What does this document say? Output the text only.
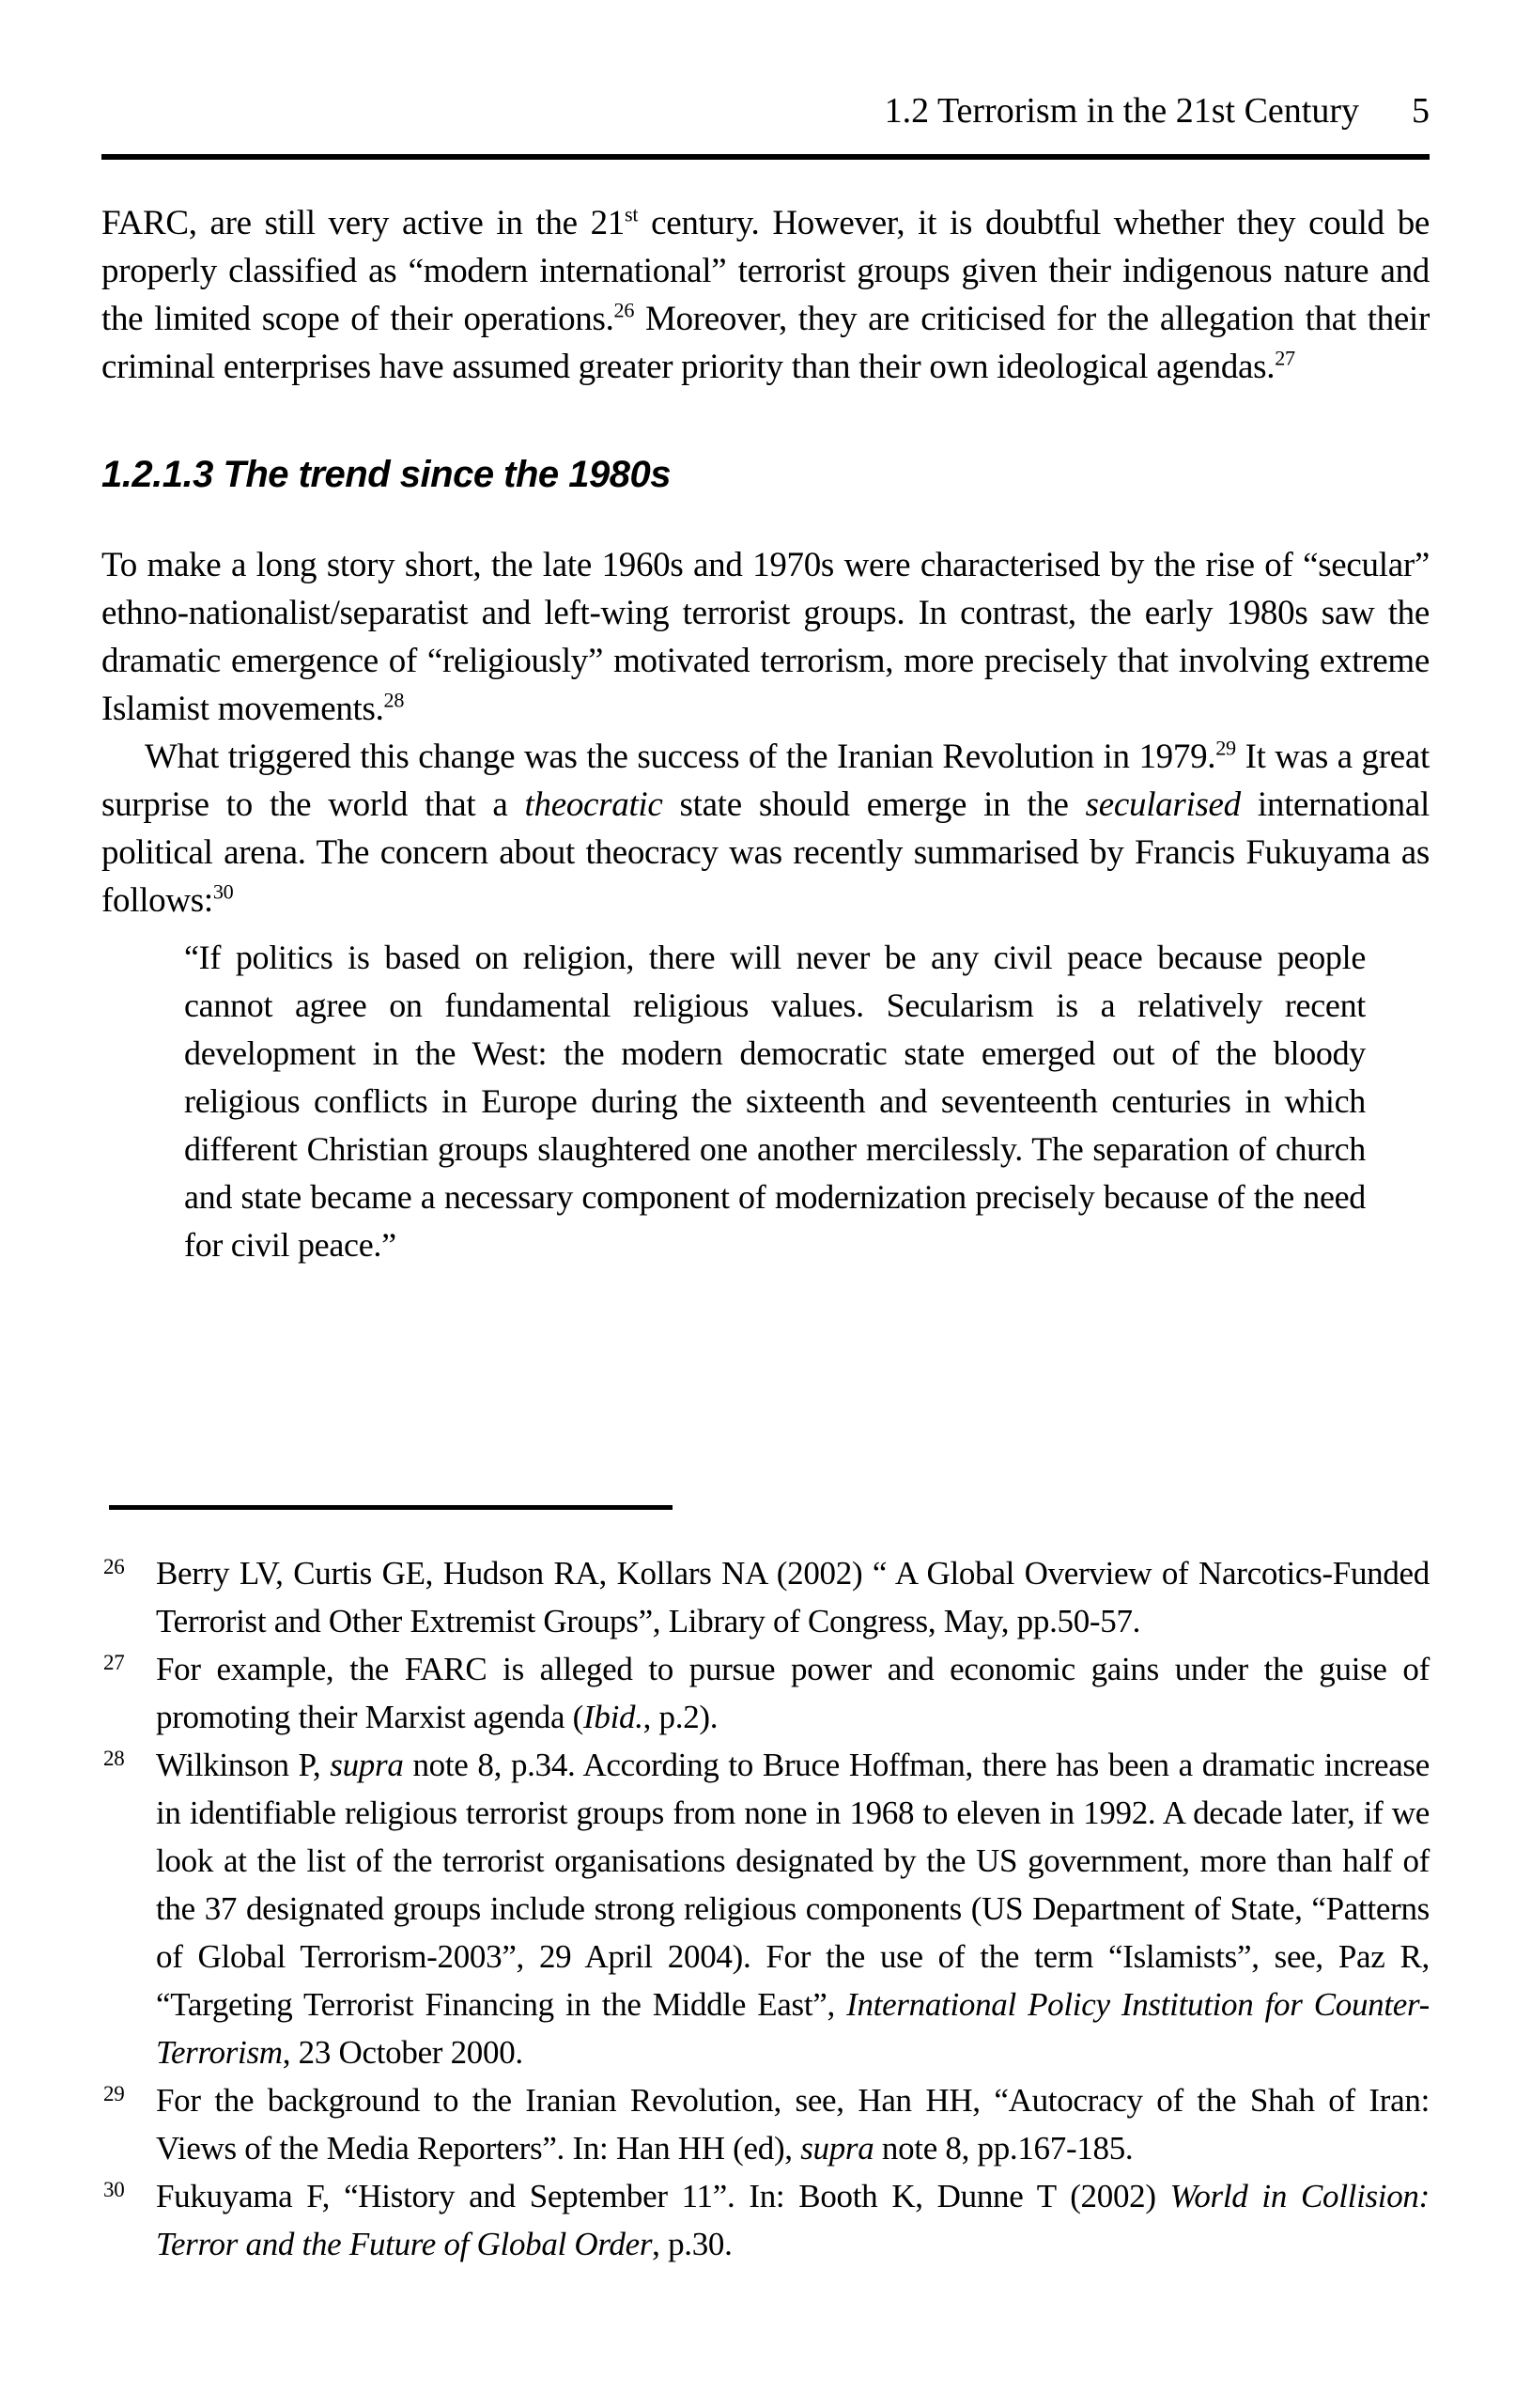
1.2 Terrorism in the 21st Century 5

FARC, are still very active in the 21st century. However, it is doubtful whether they could be properly classified as “modern international” terrorist groups given their indigenous nature and the limited scope of their operations.$^{26}$ Moreover, they are criticised for the allegation that their criminal enterprises have assumed greater priority than their own ideological agendas.$^{27}$

1.2.1.3 The trend since the 1980s

To make a long story short, the late 1960s and 1970s were characterised by the rise of “secular” ethno-nationalist/separatist and left-wing terrorist groups. In contrast, the early 1980s saw the dramatic emergence of “religiously” motivated terrorism, more precisely that involving extreme Islamist movements.$^{28}$

What triggered this change was the success of the Iranian Revolution in 1979.29 It was a great surprise to the world that a theocratic state should emerge in the secularised international political arena. The concern about theocracy was recently summarised by Francis Fukuyama as follows:$^{30}$

“If politics is based on religion, there will never be any civil peace because people cannot agree on fundamental religious values. Secularism is a relatively recent development in the West: the modern democratic state emerged out of the bloody religious conflicts in Europe during the sixteenth and seventeenth centuries in which different Christian groups slaughtered one another mercilessly. The separation of church and state became a necessary component of modernization precisely because of the need for civil peace.”

26 Berry LV, Curtis GE, Hudson RA, Kollars NA (2002) “ A Global Overview of Narcotics-Funded Terrorist and Other Extremist Groups”, Library of Congress, May, pp.50-57.

27 For example, the FARC is alleged to pursue power and economic gains under the guise of promoting their Marxist agenda (Ibid., p.2).

28 Wilkinson P, supra note 8, p.34. According to Bruce Hoffman, there has been a dramatic increase in identifiable religious terrorist groups from none in 1968 to eleven in 1992. A decade later, if we look at the list of the terrorist organisations designated by the US government, more than half of the 37 designated groups include strong religious components (US Department of State, “Patterns of Global Terrorism-2003”, 29 April 2004). For the use of the term “Islamists”, see, Paz R, “Targeting Terrorist Financing in the Middle East”, International Policy Institution for Counter-Terrorism, 23 October 2000.

29 For the background to the Iranian Revolution, see, Han HH, “Autocracy of the Shah of Iran: Views of the Media Reporters”. In: Han HH (ed), supra note 8, pp.167-185.

30 Fukuyama F, “History and September 11”. In: Booth K, Dunne T (2002) World in Collision: Terror and the Future of Global Order, p.30.
